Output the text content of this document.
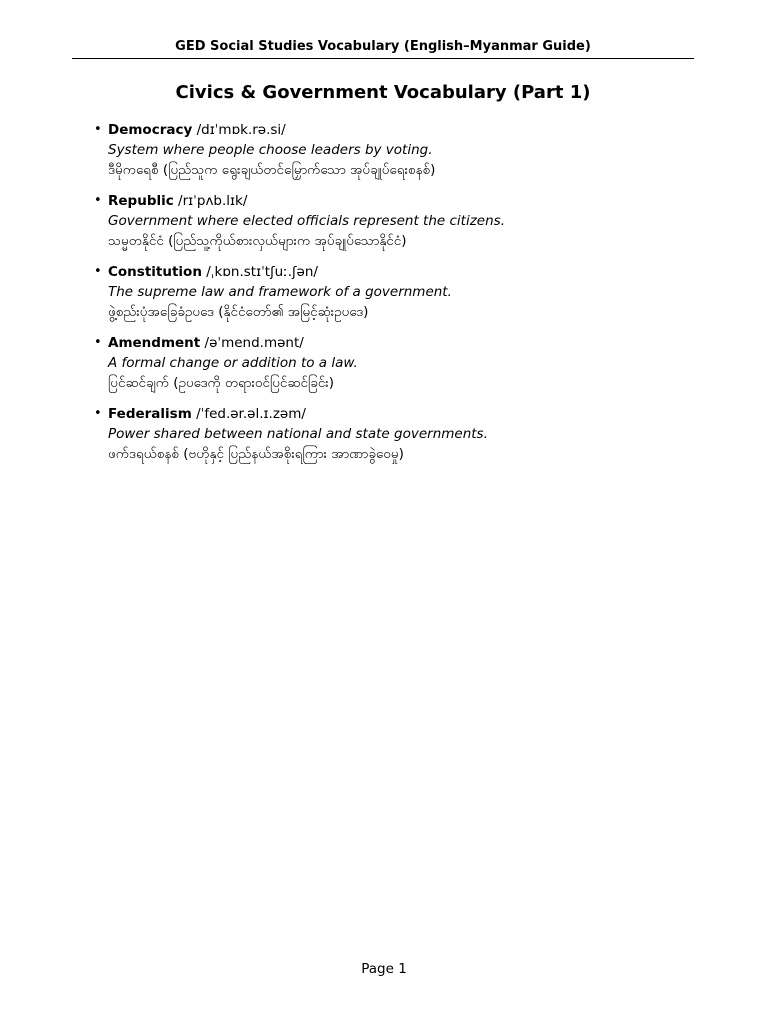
GED Social Studies Vocabulary (English–Myanmar Guide)
Civics & Government Vocabulary (Part 1)
• Democracy /dɪˈmɒk.rə.si/
System where people choose leaders by voting.
ဒီမိုကရေစီ (ပြည်သူက ရွေးချယ်တင်မြှောက်သော အုပ်ချုပ်ရေးစနစ်)
• Republic /rɪˈpʌb.lɪk/
Government where elected officials represent the citizens.
သမ္မတနိုင်ငံ (ပြည်သူ့ကိုယ်စားလှယ်များက အုပ်ချုပ်သောနိုင်ငံ)
• Constitution /ˌkɒn.stɪˈtʃuː.ʃən/
The supreme law and framework of a government.
ဖွဲ့စည်းပုံအခြေခံဥပဒေ (နိုင်ငံတော်၏ အမြင့်ဆုံးဥပဒေ)
• Amendment /əˈmend.mənt/
A formal change or addition to a law.
ပြင်ဆင်ချက် (ဥပဒေကို တရားဝင်ပြင်ဆင်ခြင်း)
• Federalism /ˈfed.ər.əl.ɪ.zəm/
Power shared between national and state governments.
ဖက်ဒရယ်စနစ် (ဗဟိုနှင့် ပြည်နယ်အစိုးရကြား အာဏာခွဲဝေမှု)
Page 1
